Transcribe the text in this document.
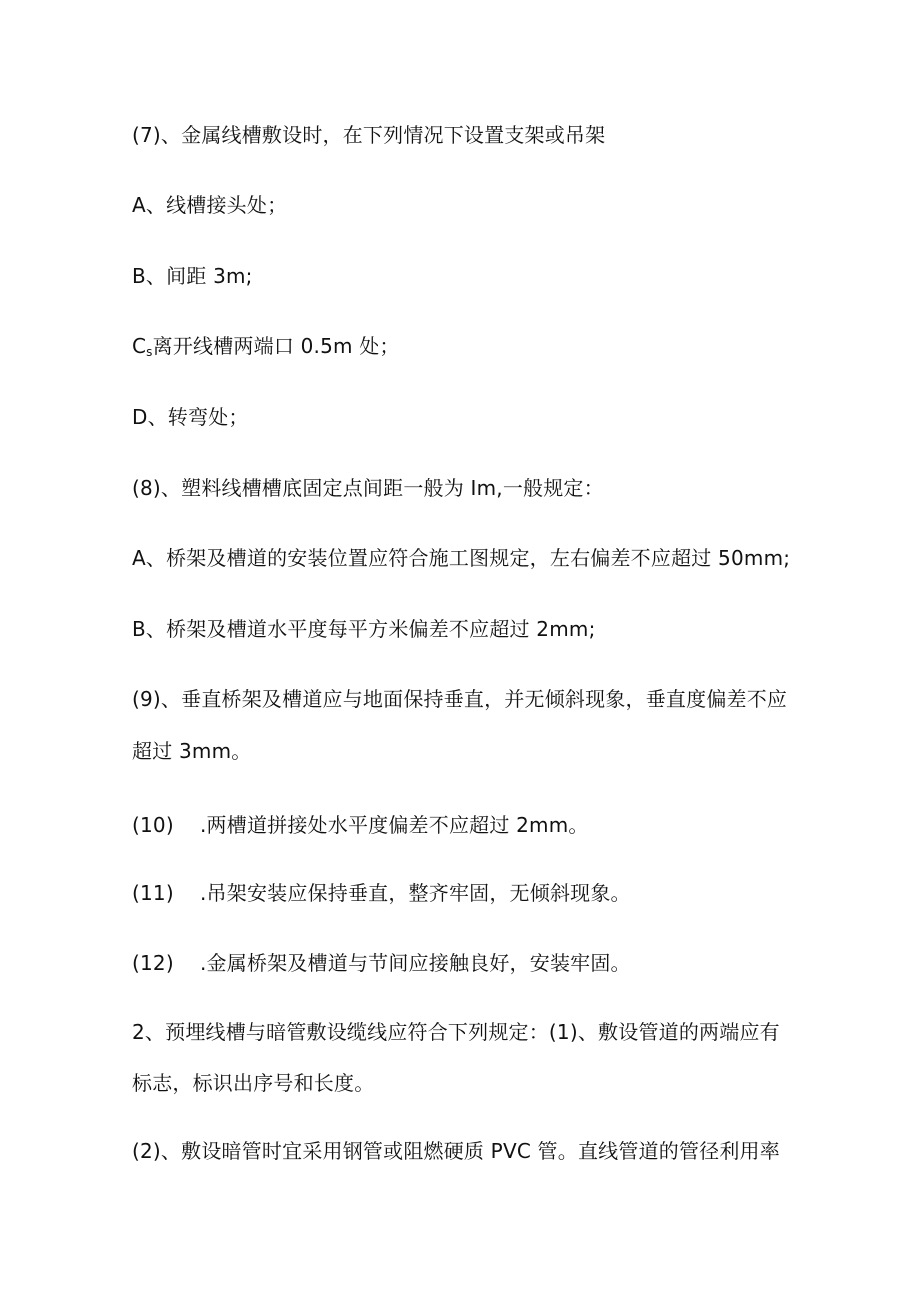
(7)、金属线槽敷设时，在下列情况下设置支架或吊架
A、线槽接头处；
B、间距 3m;
$C_s$离开线槽两端口 0.5m 处；
D、转弯处；
(8)、塑料线槽槽底固定点间距一般为 Im,一般规定：
A、桥架及槽道的安装位置应符合施工图规定，左右偏差不应超过 50mm;
B、桥架及槽道水平度每平方米偏差不应超过 2mm;
(9)、垂直桥架及槽道应与地面保持垂直，并无倾斜现象，垂直度偏差不应
超过 3mm。
(10) .两槽道拼接处水平度偏差不应超过 2mm。
(11) .吊架安装应保持垂直，整齐牢固，无倾斜现象。
(12) .金属桥架及槽道与节间应接触良好，安装牢固。
2、预埋线槽与暗管敷设缆线应符合下列规定：(1)、敷设管道的两端应有
标志，标识出序号和长度。
(2)、敷设暗管时宜采用钢管或阻燃硬质 PVC 管。直线管道的管径利用率
